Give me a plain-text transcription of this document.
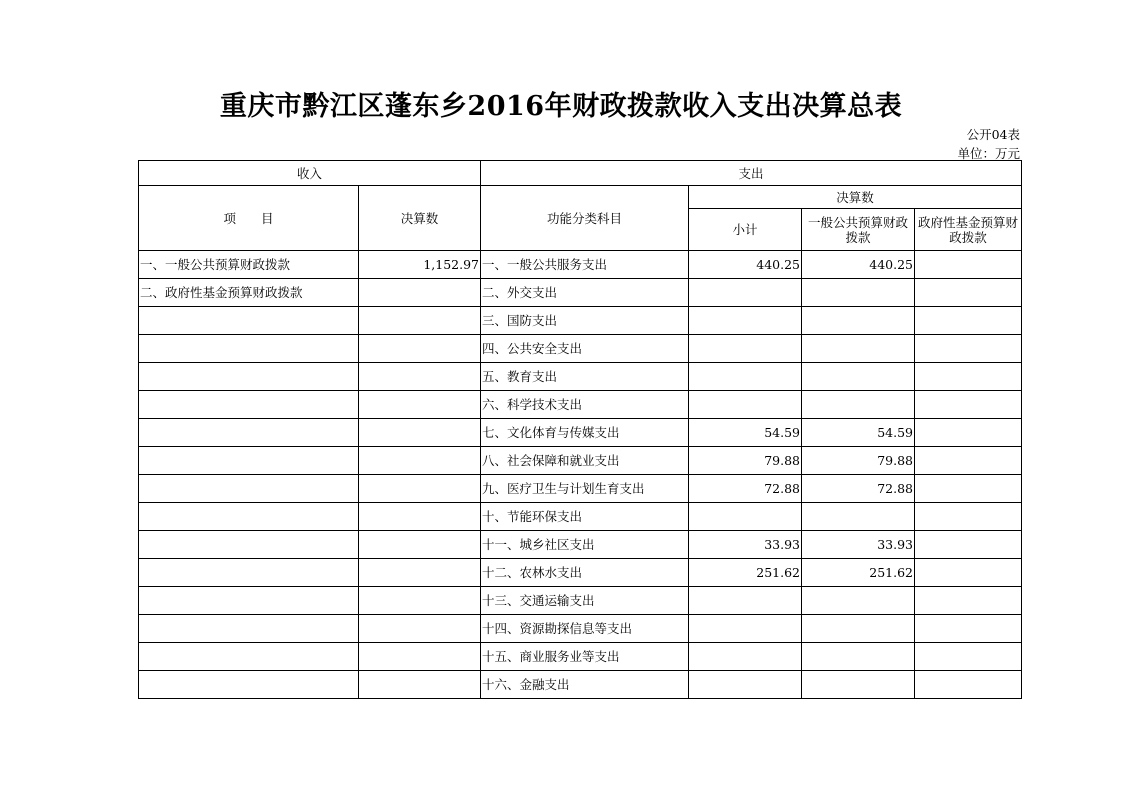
重庆市黔江区蓬东乡2016年财政拨款收入支出决算总表
公开04表
单位：万元
收入		支出			
项　　目	决算数	功能分类科目	决算数		
			小计	一般公共预算财政拨款	政府性基金预算财政拨款
一、一般公共预算财政拨款	1,152.97	一、一般公共服务支出	440.25	440.25	
二、政府性基金预算财政拨款		二、外交支出			
		三、国防支出			
		四、公共安全支出			
		五、教育支出			
		六、科学技术支出			
		七、文化体育与传媒支出	54.59	54.59	
		八、社会保障和就业支出	79.88	79.88	
		九、医疗卫生与计划生育支出	72.88	72.88	
		十、节能环保支出			
		十一、城乡社区支出	33.93	33.93	
		十二、农林水支出	251.62	251.62	
		十三、交通运输支出			
		十四、资源勘探信息等支出			
		十五、商业服务业等支出			
		十六、金融支出			
